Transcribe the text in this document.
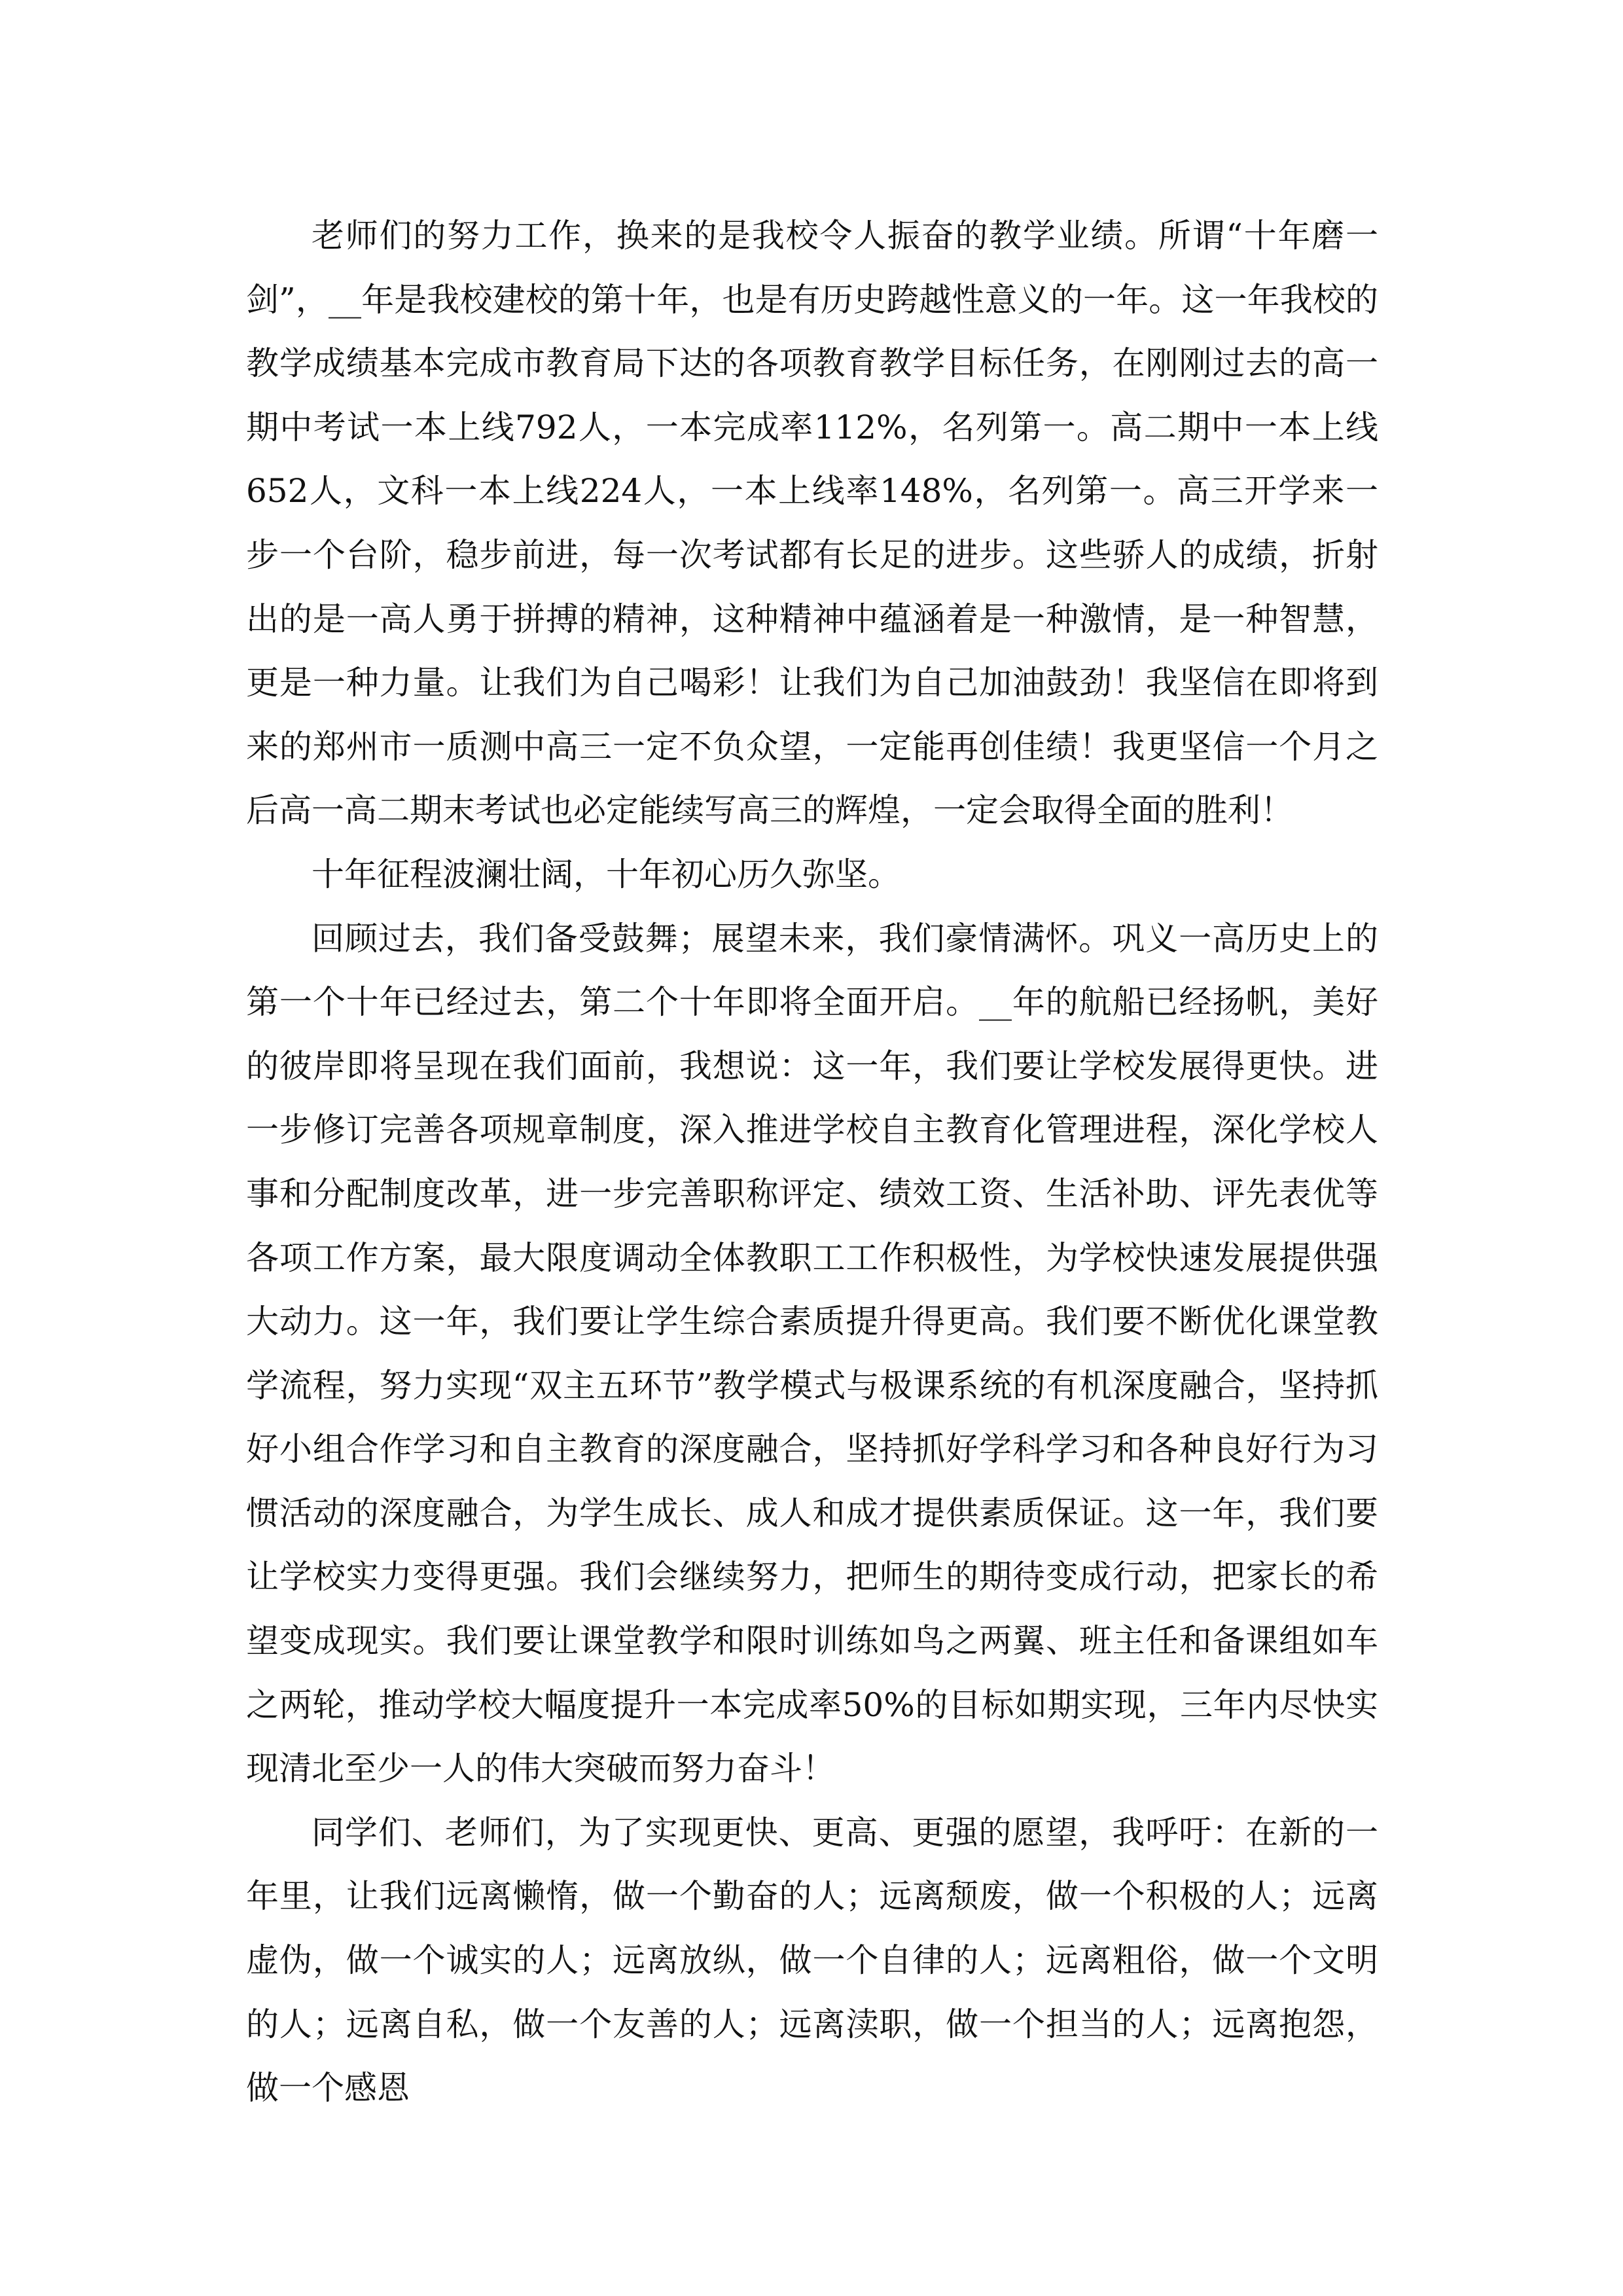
老师们的努力工作，换来的是我校令人振奋的教学业绩。所谓“十年磨一剑”，__年是我校建校的第十年，也是有历史跨越性意义的一年。这一年我校的教学成绩基本完成市教育局下达的各项教育教学目标任务，在刚刚过去的高一期中考试一本上线792人，一本完成率112%，名列第一。高二期中一本上线652人，文科一本上线224人，一本上线率148%，名列第一。高三开学来一步一个台阶，稳步前进，每一次考试都有长足的进步。这些骄人的成绩，折射出的是一高人勇于拼搏的精神，这种精神中蕴涵着是一种激情，是一种智慧，更是一种力量。让我们为自己喝彩！让我们为自己加油鼓劲！我坚信在即将到来的郑州市一质测中高三一定不负众望，一定能再创佳绩！我更坚信一个月之后高一高二期末考试也必定能续写高三的辉煌，一定会取得全面的胜利！

十年征程波澜壮阔，十年初心历久弥坚。

回顾过去，我们备受鼓舞；展望未来，我们豪情满怀。巩义一高历史上的第一个十年已经过去，第二个十年即将全面开启。__年的航船已经扬帆，美好的彼岸即将呈现在我们面前，我想说：这一年，我们要让学校发展得更快。进一步修订完善各项规章制度，深入推进学校自主教育化管理进程，深化学校人事和分配制度改革，进一步完善职称评定、绩效工资、生活补助、评先表优等各项工作方案，最大限度调动全体教职工工作积极性，为学校快速发展提供强大动力。这一年，我们要让学生综合素质提升得更高。我们要不断优化课堂教学流程，努力实现“双主五环节”教学模式与极课系统的有机深度融合，坚持抓好小组合作学习和自主教育的深度融合，坚持抓好学科学习和各种良好行为习惯活动的深度融合，为学生成长、成人和成才提供素质保证。这一年，我们要让学校实力变得更强。我们会继续努力，把师生的期待变成行动，把家长的希望变成现实。我们要让课堂教学和限时训练如鸟之两翼、班主任和备课组如车之两轮，推动学校大幅度提升一本完成率50%的目标如期实现，三年内尽快实现清北至少一人的伟大突破而努力奋斗！

同学们、老师们，为了实现更快、更高、更强的愿望，我呼吁：在新的一年里，让我们远离懒惰，做一个勤奋的人；远离颓废，做一个积极的人；远离虚伪，做一个诚实的人；远离放纵，做一个自律的人；远离粗俗，做一个文明的人；远离自私，做一个友善的人；远离渎职，做一个担当的人；远离抱怨，做一个感恩
